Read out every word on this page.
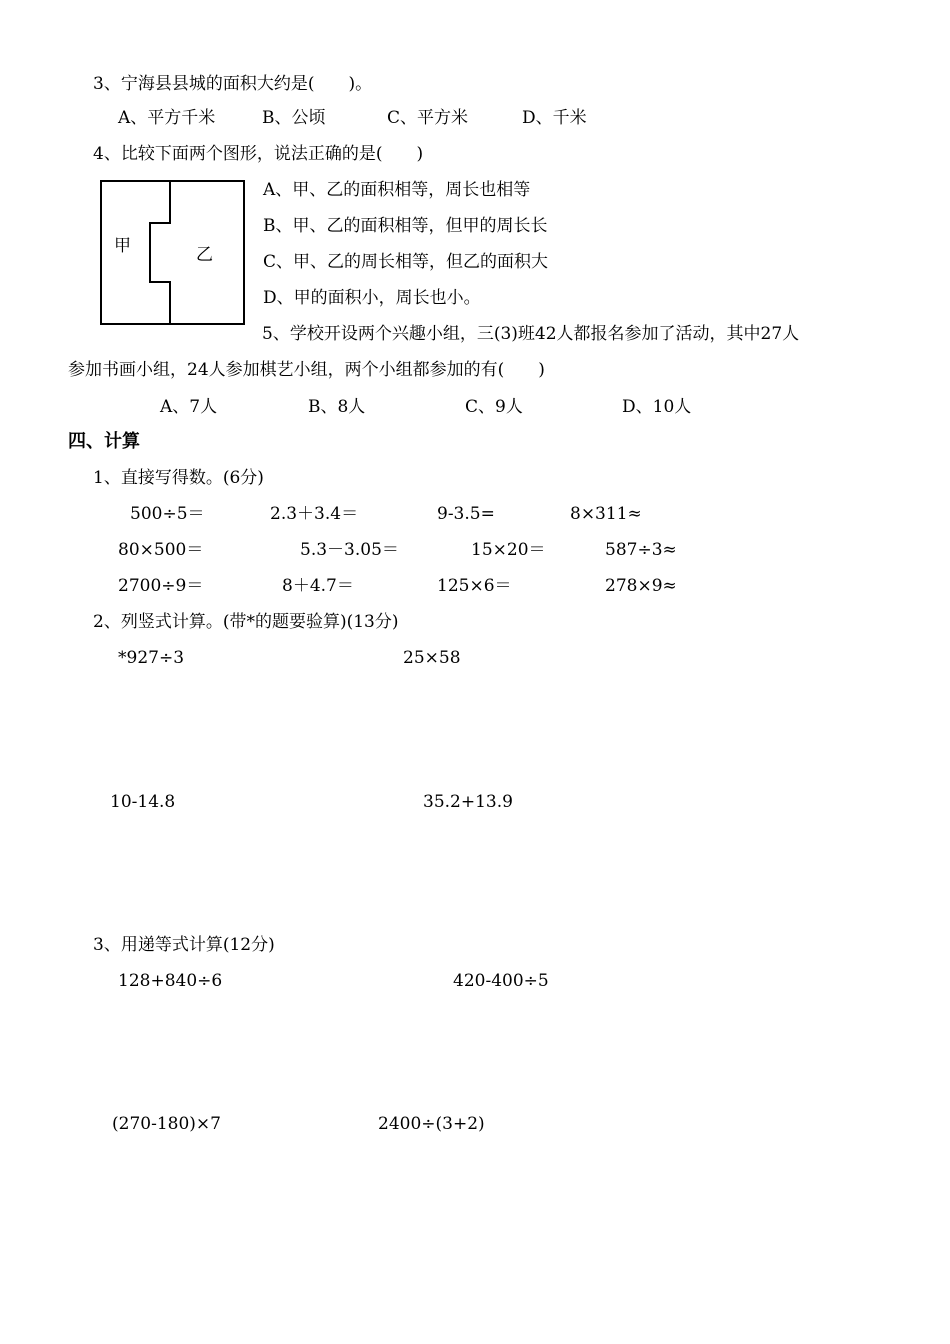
3、宁海县县城的面积大约是(　　)。
A、平方千米	B、公顷	C、平方米	D、千米
4、比较下面两个图形，说法正确的是(　　)
甲	乙
A、甲、乙的面积相等，周长也相等
B、甲、乙的面积相等，但甲的周长长
C、甲、乙的周长相等，但乙的面积大
D、甲的面积小，周长也小。
5、学校开设两个兴趣小组，三(3)班42人都报名参加了活动，其中27人
参加书画小组，24人参加棋艺小组，两个小组都参加的有(　　)
A、7人	B、8人	C、9人	D、10人
四、计算
1、直接写得数。(6分)
500÷5＝	2.3＋3.4＝	9-3.5=	8×311≈
80×500＝	5.3－3.05＝	15×20＝	587÷3≈
2700÷9＝	8＋4.7＝	125×6＝	278×9≈
2、列竖式计算。(带*的题要验算)(13分)
*927÷3	25×58
10-14.8	35.2+13.9
3、用递等式计算(12分)
128+840÷6	420-400÷5
(270-180)×7	2400÷(3+2)
